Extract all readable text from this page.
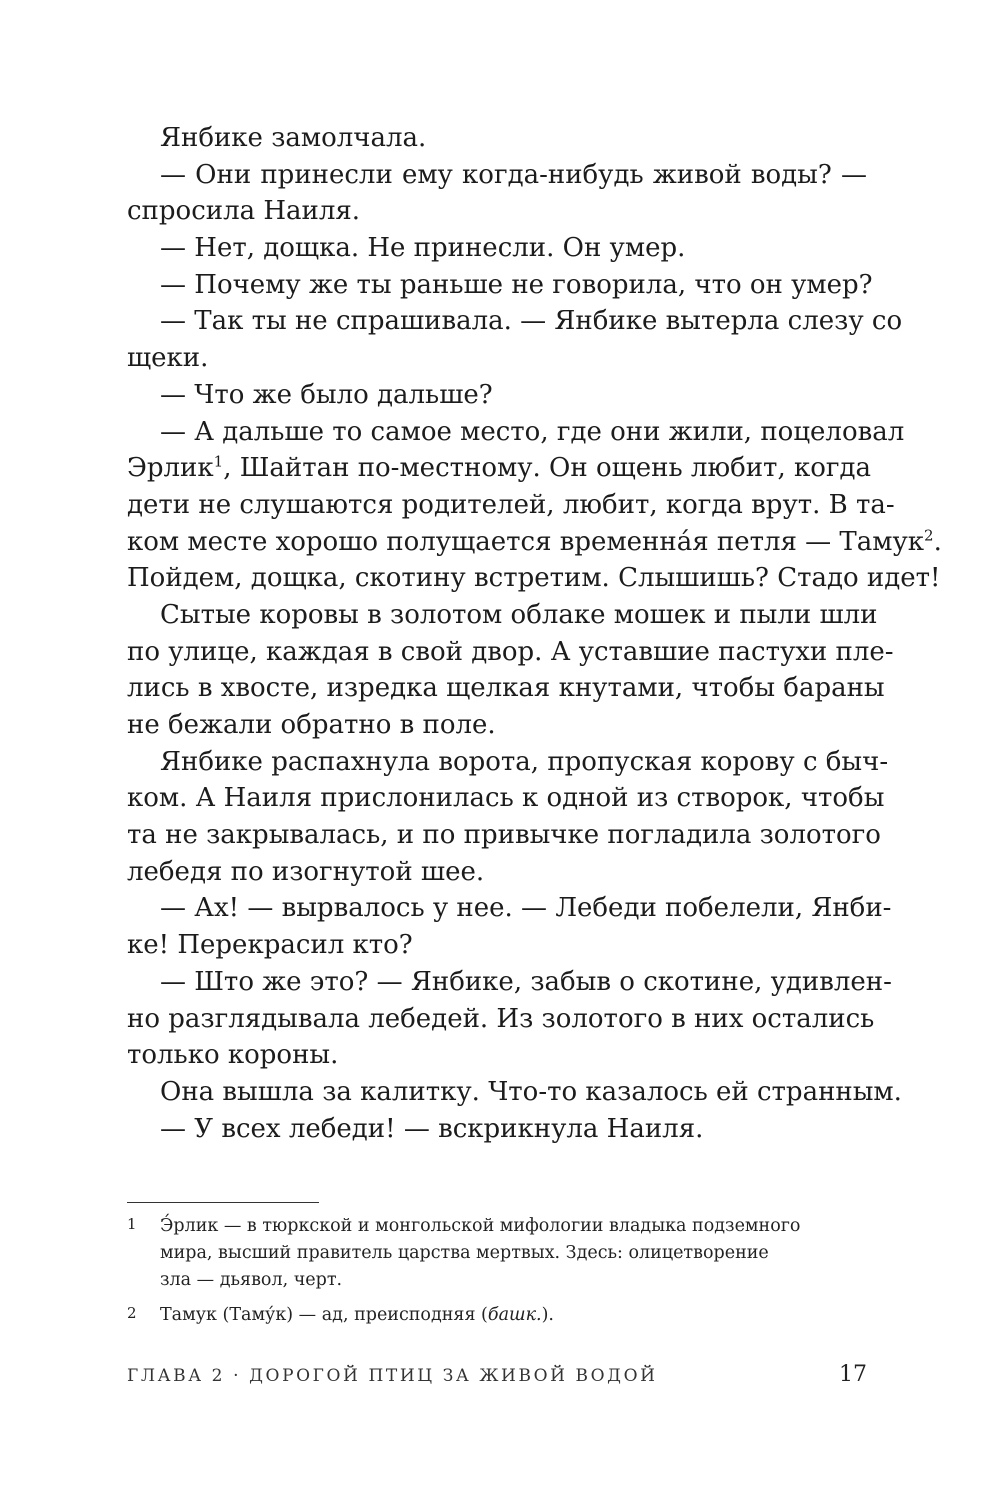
Янбике замолчала.
— Они принесли ему когда-нибудь живой воды? —
спросила Наиля.
— Нет, дощка. Не принесли. Он умер.
— Почему же ты раньше не говорила, что он умер?
— Так ты не спрашивала. — Янбике вытерла слезу со
щеки.
— Что же было дальше?
— А дальше то самое место, где они жили, поцеловал
Эрлик$^1$, Шайтан по-местному. Он ощень любит, когда
дети не слушаются родителей, любит, когда врут. В та-
ком месте хорошо полущается временна́я петля — Тамук$^2$.
Пойдем, дощка, скотину встретим. Слышишь? Стадо идет!
Сытые коровы в золотом облаке мошек и пыли шли
по улице, каждая в свой двор. А уставшие пастухи пле-
лись в хвосте, изредка щелкая кнутами, чтобы бараны
не бежали обратно в поле.
Янбике распахнула ворота, пропуская корову с быч-
ком. А Наиля прислонилась к одной из створок, чтобы
та не закрывалась, и по привычке погладила золотого
лебедя по изогнутой шее.
— Ах! — вырвалось у нее. — Лебеди побелели, Янби-
ке! Перекрасил кто?
— Што же это? — Янбике, забыв о скотине, удивлен-
но разглядывала лебедей. Из золотого в них остались
только короны.
Она вышла за калитку. Что-то казалось ей странным.
— У всех лебеди! — вскрикнула Наиля.
1 Э́рлик — в тюркской и монгольской мифологии владыка подземного
мира, высший правитель царства мертвых. Здесь: олицетворение
зла — дьявол, черт.
2 Тамук (Таму́к) — ад, преисподняя (башк.).
ГЛАВА 2 · ДОРОГОЙ ПТИЦ ЗА ЖИВОЙ ВОДОЙ	17
